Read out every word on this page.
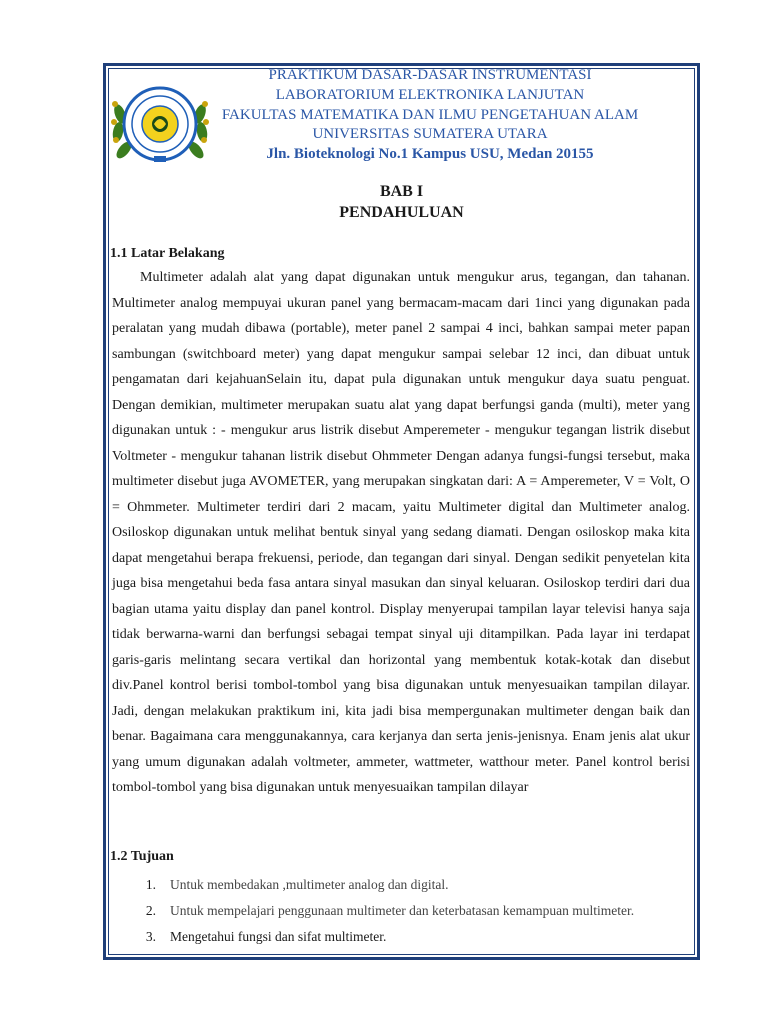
PRAKTIKUM DASAR-DASAR INSTRUMENTASI
LABORATORIUM ELEKTRONIKA LANJUTAN
FAKULTAS MATEMATIKA DAN ILMU PENGETAHUAN ALAM
UNIVERSITAS SUMATERA UTARA
Jln. Bioteknologi No.1 Kampus USU, Medan 20155
BAB I
PENDAHULUAN
1.1 Latar Belakang

Multimeter adalah alat yang dapat digunakan untuk mengukur arus, tegangan, dan tahanan. Multimeter analog mempuyai ukuran panel yang bermacam-macam dari 1inci yang digunakan pada peralatan yang mudah dibawa (portable), meter panel 2 sampai 4 inci, bahkan sampai meter papan sambungan (switchboard meter) yang dapat mengukur sampai selebar 12 inci, dan dibuat untuk pengamatan dari kejahuanSelain itu, dapat pula digunakan untuk mengukur daya suatu penguat. Dengan demikian, multimeter merupakan suatu alat yang dapat berfungsi ganda (multi), meter yang digunakan untuk : - mengukur arus listrik disebut Amperemeter - mengukur tegangan listrik disebut Voltmeter - mengukur tahanan listrik disebut Ohmmeter Dengan adanya fungsi-fungsi tersebut, maka multimeter disebut juga AVOMETER, yang merupakan singkatan dari: A = Amperemeter, V = Volt, O = Ohmmeter. Multimeter terdiri dari 2 macam, yaitu Multimeter digital dan Multimeter analog. Osiloskop digunakan untuk melihat bentuk sinyal yang sedang diamati. Dengan osiloskop maka kita dapat mengetahui berapa frekuensi, periode, dan tegangan dari sinyal. Dengan sedikit penyetelan kita juga bisa mengetahui beda fasa antara sinyal masukan dan sinyal keluaran. Osiloskop terdiri dari dua bagian utama yaitu display dan panel kontrol. Display menyerupai tampilan layar televisi hanya saja tidak berwarna-warni dan berfungsi sebagai tempat sinyal uji ditampilkan. Pada layar ini terdapat garis-garis melintang secara vertikal dan horizontal yang membentuk kotak-kotak dan disebut div.Panel kontrol berisi tombol-tombol yang bisa digunakan untuk menyesuaikan tampilan dilayar. Jadi, dengan melakukan praktikum ini, kita jadi bisa mempergunakan multimeter dengan baik dan benar. Bagaimana cara menggunakannya, cara kerjanya dan serta jenis-jenisnya. Enam jenis alat ukur yang umum digunakan adalah voltmeter, ammeter, wattmeter, watthour meter. Panel kontrol berisi tombol-tombol yang bisa digunakan untuk menyesuaikan tampilan dilayar

1.2 Tujuan
1.	Untuk membedakan ,multimeter analog dan digital.
2.	Untuk mempelajari penggunaan multimeter dan keterbatasan kemampuan multimeter.
3.	Mengetahui fungsi dan sifat multimeter.
